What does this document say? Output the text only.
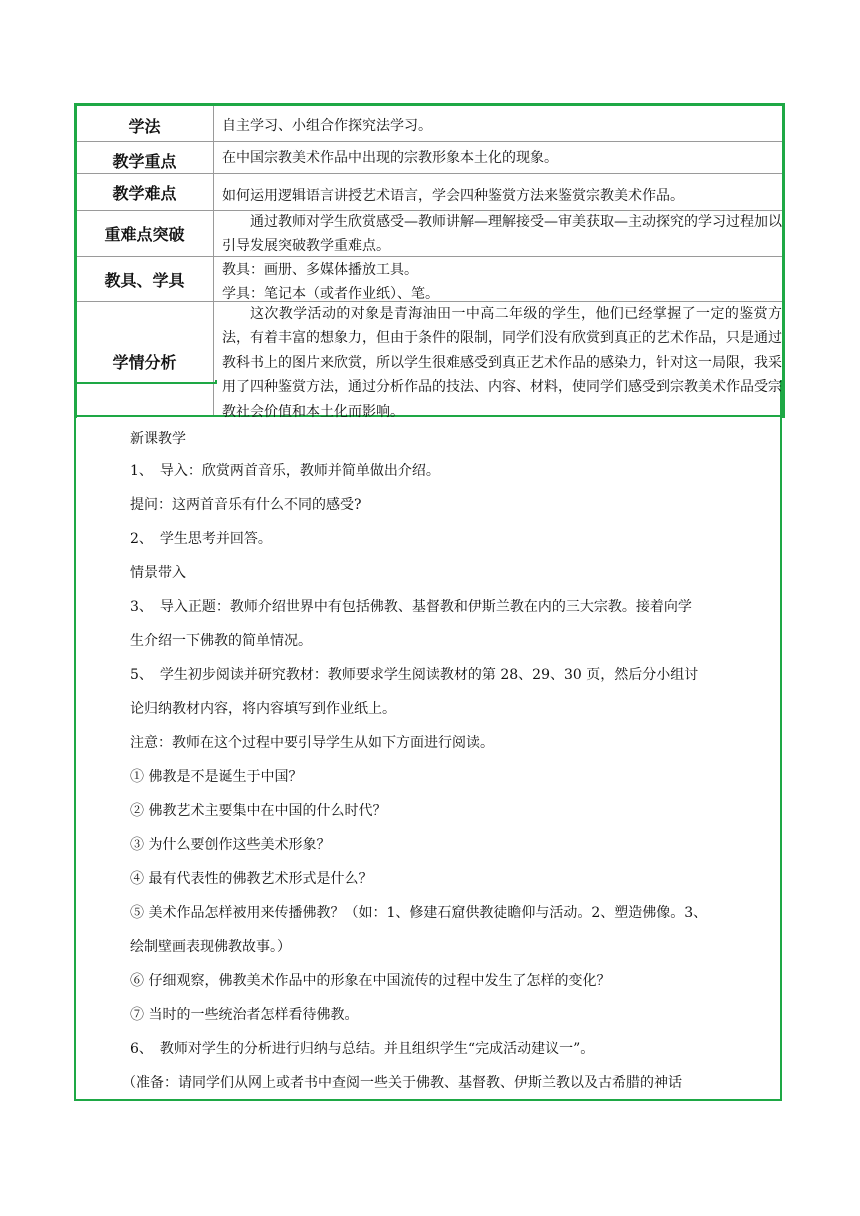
学法
教学重点
教学难点
重难点突破
教具、学具
学情分析
自主学习、小组合作探究法学习。
在中国宗教美术作品中出现的宗教形象本土化的现象。
如何运用逻辑语言讲授艺术语言，学会四种鉴赏方法来鉴赏宗教美术作品。
通过教师对学生欣赏感受—教师讲解—理解接受—审美获取—主动探究的学习过程加以引导发展突破教学重难点。
教具：画册、多媒体播放工具。
学具：笔记本（或者作业纸）、笔。
这次教学活动的对象是青海油田一中高二年级的学生，他们已经掌握了一定的鉴赏方法，有着丰富的想象力，但由于条件的限制，同学们没有欣赏到真正的艺术作品，只是通过教科书上的图片来欣赏，所以学生很难感受到真正艺术作品的感染力，针对这一局限，我采用了四种鉴赏方法，通过分析作品的技法、内容、材料，使同学们感受到宗教美术作品受宗教社会价值和本土化而影响。
新课教学
1、　导入：欣赏两首音乐，教师并简单做出介绍。
提问：这两首音乐有什么不同的感受?
2、　学生思考并回答。
情景带入
3、　导入正题：教师介绍世界中有包括佛教、基督教和伊斯兰教在内的三大宗教。接着向学
生介绍一下佛教的简单情况。
5、　学生初步阅读并研究教材：教师要求学生阅读教材的第 28、29、30 页，然后分小组讨
论归纳教材内容，将内容填写到作业纸上。
注意：教师在这个过程中要引导学生从如下方面进行阅读。
① 佛教是不是诞生于中国？
② 佛教艺术主要集中在中国的什么时代？
③ 为什么要创作这些美术形象？
④ 最有代表性的佛教艺术形式是什么？
⑤ 美术作品怎样被用来传播佛教？（如：1、修建石窟供教徒瞻仰与活动。2、塑造佛像。3、
绘制壁画表现佛教故事。）
⑥ 仔细观察，佛教美术作品中的形象在中国流传的过程中发生了怎样的变化？
⑦ 当时的一些统治者怎样看待佛教。
6、　教师对学生的分析进行归纳与总结。并且组织学生“完成活动建议一”。
（准备：请同学们从网上或者书中查阅一些关于佛教、基督教、伊斯兰教以及古希腊的神话
